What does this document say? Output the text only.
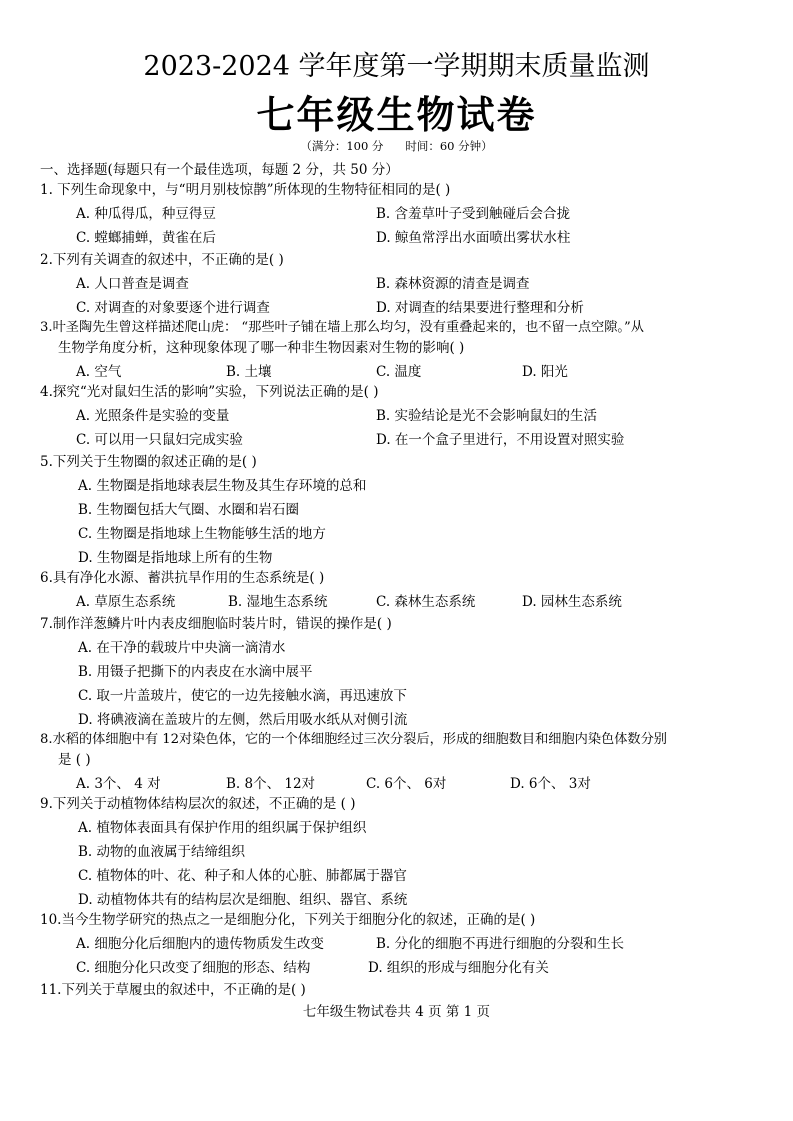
2023-2024 学年度第一学期期末质量监测
七年级生物试卷
（满分：100 分      时间：60 分钟）
一、选择题(每题只有一个最佳选项，每题 2 分，共 50 分）
1. 下列生命现象中，与“明月别枝惊鹊”所体现的生物特征相同的是( )
A. 种瓜得瓜，种豆得豆	B. 含羞草叶子受到触碰后会合拢
C. 螳螂捕蝉，黄雀在后	D. 鲸鱼常浮出水面喷出雾状水柱
2.下列有关调查的叙述中，不正确的是( )
A. 人口普查是调查	B. 森林资源的清查是调查
C. 对调查的对象要逐个进行调查	D. 对调查的结果要进行整理和分析
3.叶圣陶先生曾这样描述爬山虎： “那些叶子铺在墙上那么均匀，没有重叠起来的，也不留一点空隙。”从
生物学角度分析，这种现象体现了哪一种非生物因素对生物的影响( )
A. 空气	B. 土壤	C. 温度	D. 阳光
4.探究“光对鼠妇生活的影响”实验，下列说法正确的是( )
A. 光照条件是实验的变量	B. 实验结论是光不会影响鼠妇的生活
C. 可以用一只鼠妇完成实验	D. 在一个盒子里进行，不用设置对照实验
5.下列关于生物圈的叙述正确的是( )
A. 生物圈是指地球表层生物及其生存环境的总和
B. 生物圈包括大气圈、水圈和岩石圈
C. 生物圈是指地球上生物能够生活的地方
D. 生物圈是指地球上所有的生物
6.具有净化水源、蓄洪抗旱作用的生态系统是( )
A. 草原生态系统	B. 湿地生态系统	C. 森林生态系统	D. 园林生态系统
7.制作洋葱鳞片叶内表皮细胞临时装片时，错误的操作是( )
A. 在干净的载玻片中央滴一滴清水
B. 用镊子把撕下的内表皮在水滴中展平
C. 取一片盖玻片，使它的一边先接触水滴，再迅速放下
D. 将碘液滴在盖玻片的左侧，然后用吸水纸从对侧引流
8.水稻的体细胞中有 12对染色体，它的一个体细胞经过三次分裂后，形成的细胞数目和细胞内染色体数分别
是 ( )
A. 3个、 4 对	B. 8个、 12对	C. 6个、 6对	D. 6个、 3对
9.下列关于动植物体结构层次的叙述，不正确的是 ( )
A. 植物体表面具有保护作用的组织属于保护组织
B. 动物的血液属于结缔组织
C. 植物体的叶、花、种子和人体的心脏、肺都属于器官
D. 动植物体共有的结构层次是细胞、组织、器官、系统
10.当今生物学研究的热点之一是细胞分化，下列关于细胞分化的叙述，正确的是( )
A. 细胞分化后细胞内的遗传物质发生改变	B. 分化的细胞不再进行细胞的分裂和生长
C. 细胞分化只改变了细胞的形态、结构	D. 组织的形成与细胞分化有关
11.下列关于草履虫的叙述中，不正确的是( )
七年级生物试卷共 4 页 第 1 页
